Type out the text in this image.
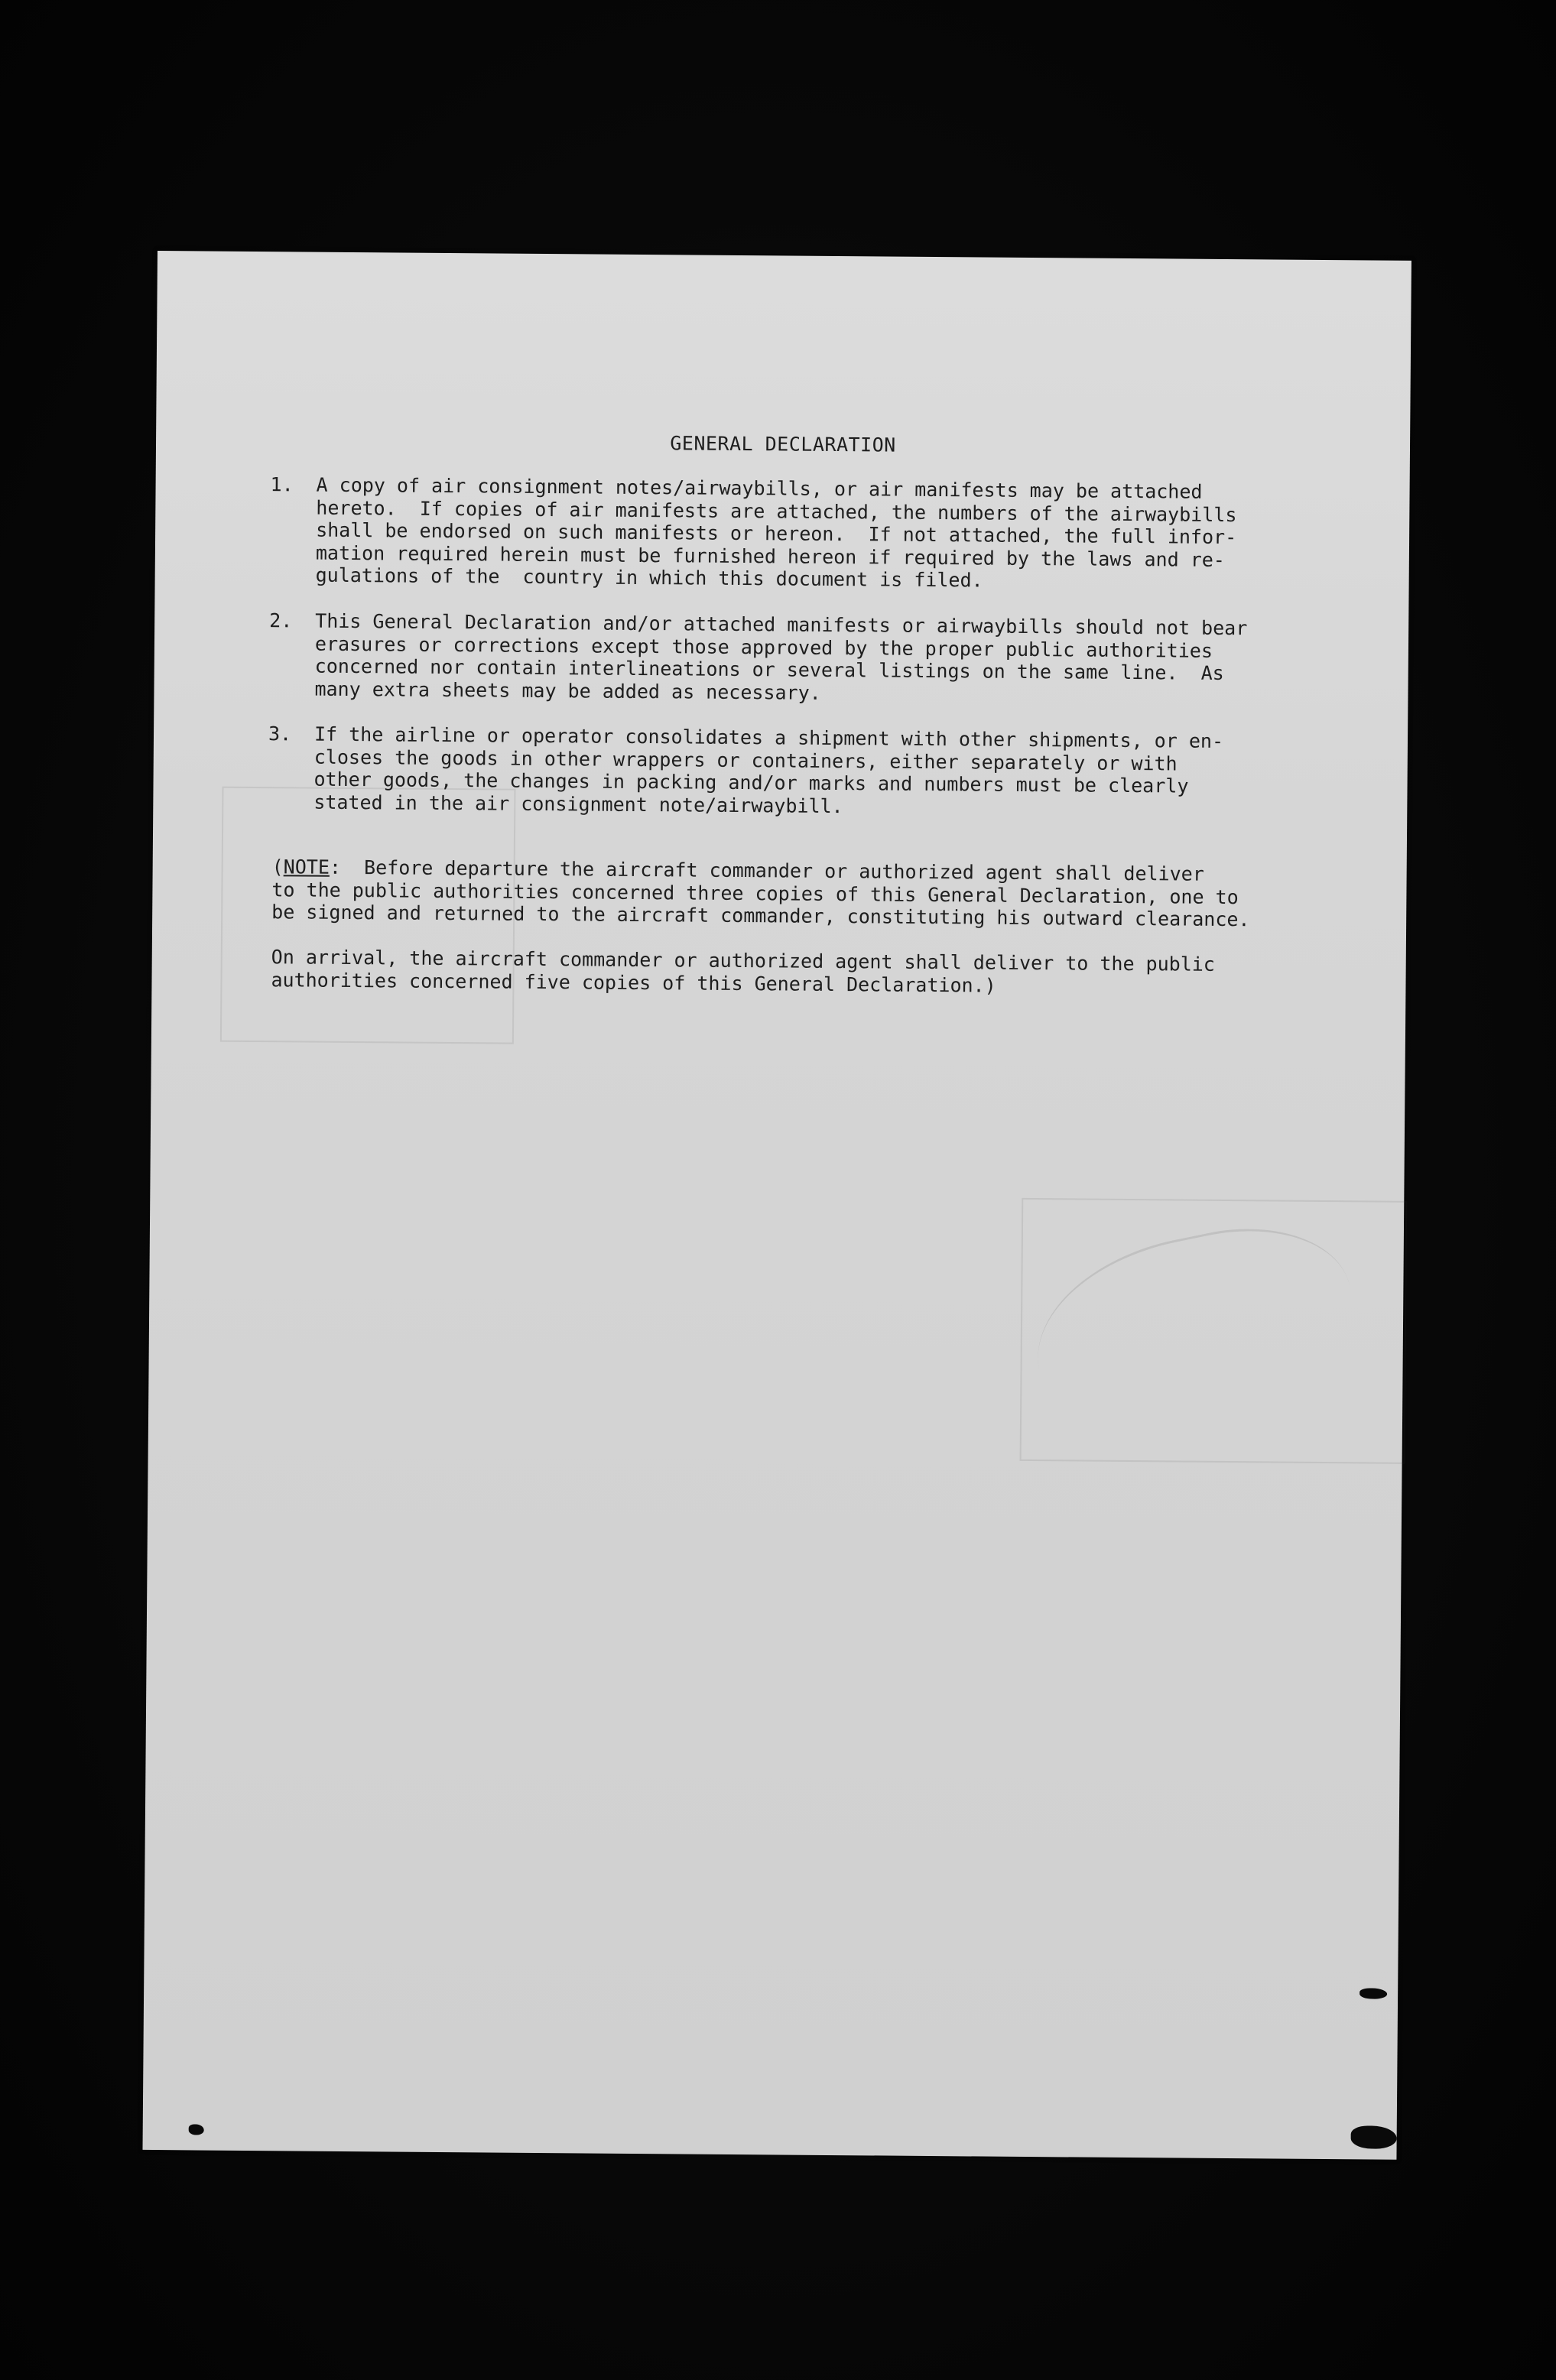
GENERAL DECLARATION
1.	A copy of air consignment notes/airwaybills, or air manifests may be attached
hereto.  If copies of air manifests are attached, the numbers of the airwaybills
shall be endorsed on such manifests or hereon.  If not attached, the full infor-
mation required herein must be furnished hereon if required by the laws and re-
gulations of the  country in which this document is filed.
2.	This General Declaration and/or attached manifests or airwaybills should not bear
erasures or corrections except those approved by the proper public authorities
concerned nor contain interlineations or several listings on the same line.  As
many extra sheets may be added as necessary.
3.	If the airline or operator consolidates a shipment with other shipments, or en-
closes the goods in other wrappers or containers, either separately or with
other goods, the changes in packing and/or marks and numbers must be clearly
stated in the air consignment note/airwaybill.
(NOTE:  Before departure the aircraft commander or authorized agent shall deliver
to the public authorities concerned three copies of this General Declaration, one to
be signed and returned to the aircraft commander, constituting his outward clearance.
On arrival, the aircraft commander or authorized agent shall deliver to the public
authorities concerned five copies of this General Declaration.)
